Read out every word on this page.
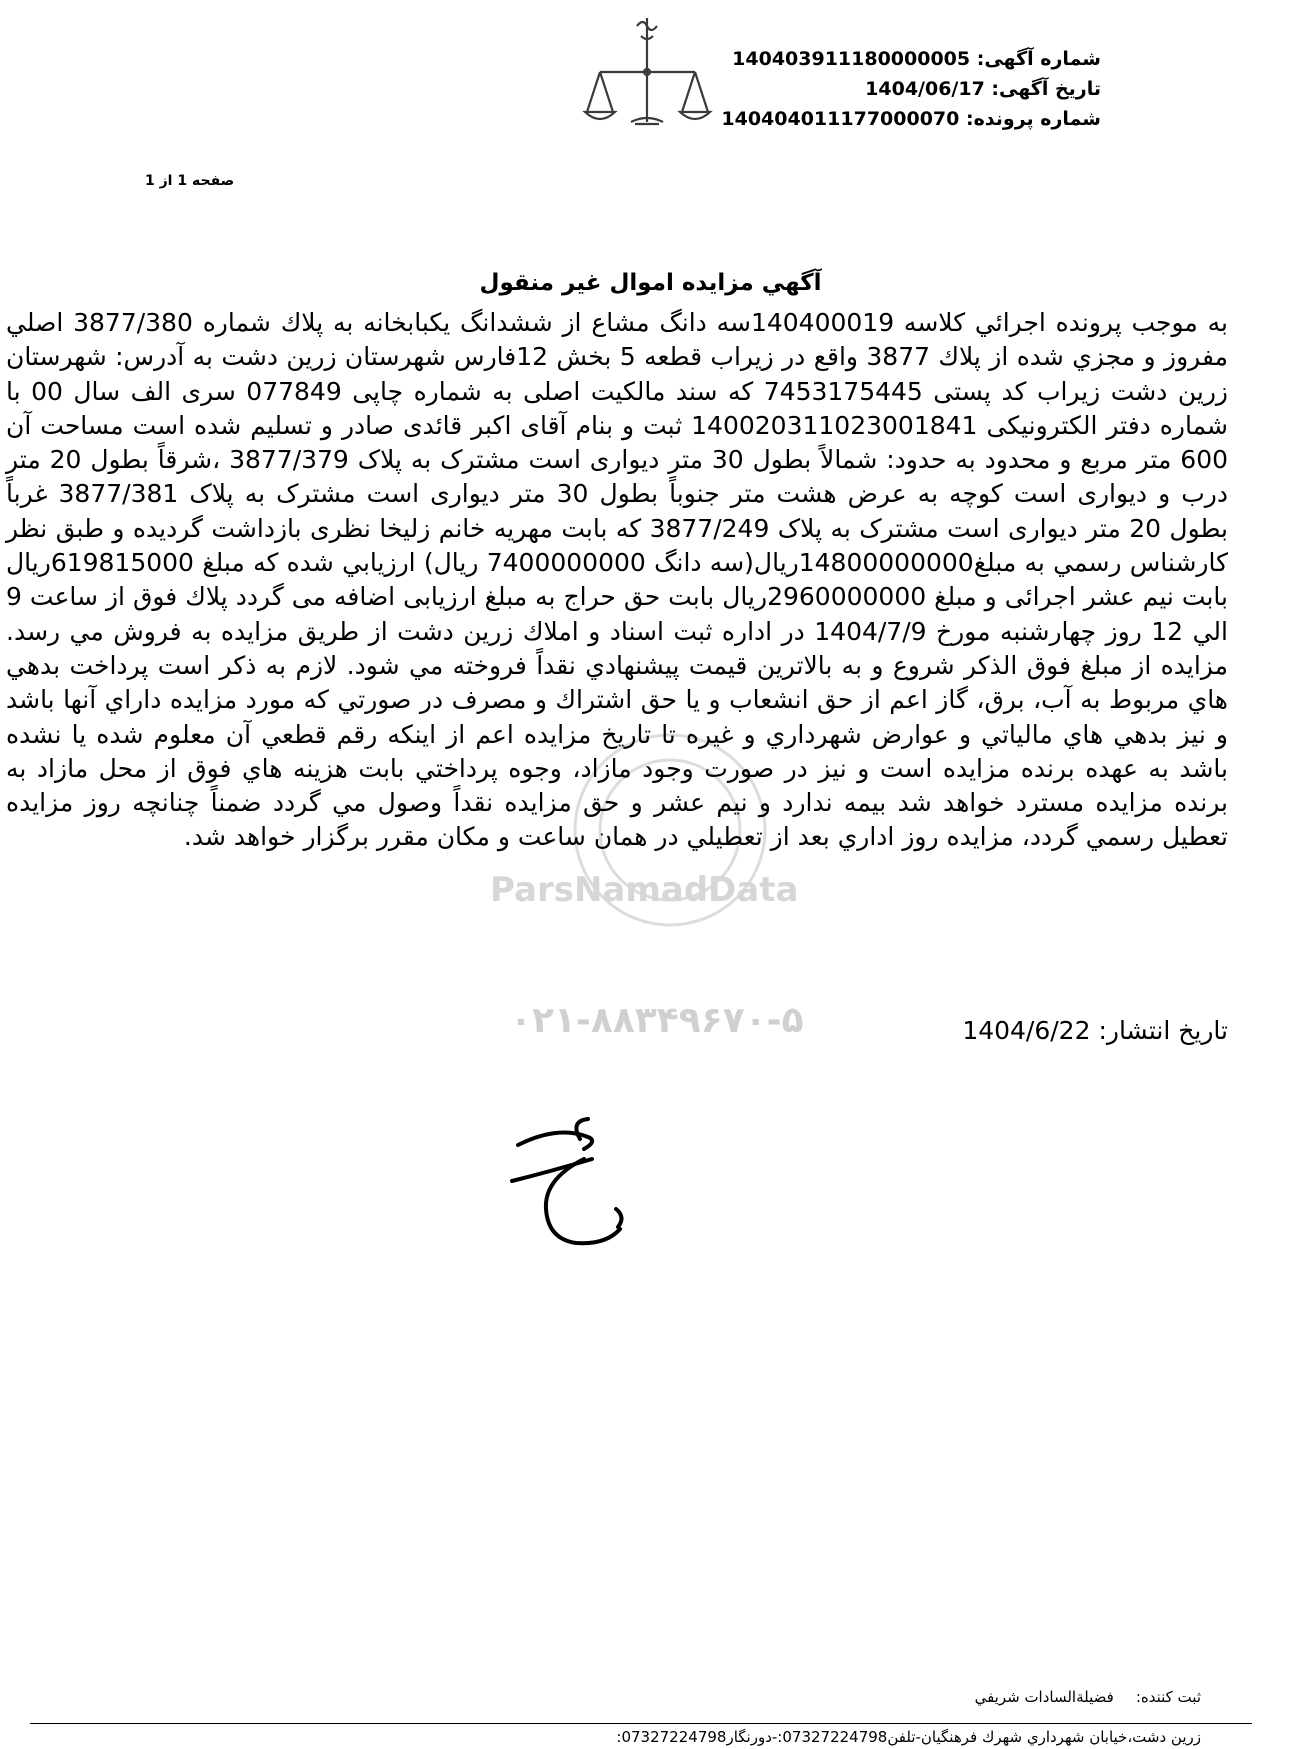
شماره آگهی: 140403911180000005
تاریخ آگهی: 1404/06/17
شماره پرونده: 140404011177000070
صفحه 1 از 1
ParsNamadData
۰۲۱-۸۸۳۴۹۶۷۰-۵
آگهي مزايده اموال غير منقول
به موجب پرونده اجرائي كلاسه 140400019سه دانگ مشاع از ششدانگ يكبابخانه به پلاك شماره 3877/380 اصلي مفروز و مجزي شده از پلاك 3877 واقع در زيراب قطعه 5 بخش 12فارس شهرستان زرين دشت به آدرس: شهرستان زرین دشت زیراب کد پستی 7453175445 که سند مالکیت اصلی به شماره چاپی 077849 سری الف سال 00 با شماره دفتر الکترونیکی 140020311023001841 ثبت و بنام آقای اکبر قائدی صادر و تسلیم شده است مساحت آن 600 متر مربع و محدود به حدود: شمالاً بطول 30 متر دیواری است مشترک به پلاک 3877/379 ،شرقاً بطول 20 متر درب و دیواری است کوچه به عرض هشت متر جنوباً بطول 30 متر دیواری است مشترک به پلاک 3877/381 غرباً بطول 20 متر دیواری است مشترک به پلاک 3877/249 که بابت مهریه خانم زلیخا نظری بازداشت گردیده و طبق نظر كارشناس رسمي به مبلغ14800000000ريال(سه دانگ 7400000000 ريال) ارزيابي شده كه مبلغ 619815000ريال بابت نیم عشر اجرائی و مبلغ 2960000000ريال بابت حق حراج به مبلغ ارزیابی اضافه می گردد پلاك فوق از ساعت 9 الي 12 روز چهارشنبه مورخ 1404/7/9 در اداره ثبت اسناد و املاك زرين دشت از طريق مزايده به فروش مي رسد. مزايده از مبلغ فوق الذكر شروع و به بالاترين قيمت پيشنهادي نقداً فروخته مي شود. لازم به ذكر است پرداخت بدهي هاي مربوط به آب، برق، گاز اعم از حق انشعاب و يا حق اشتراك و مصرف در صورتي كه مورد مزايده داراي آنها باشد و نيز بدهي هاي مالياتي و عوارض شهرداري و غيره تا تاريخ مزايده اعم از اينكه رقم قطعي آن معلوم شده يا نشده باشد به عهده برنده مزايده است و نيز در صورت وجود مازاد، وجوه پرداختي بابت هزينه هاي فوق از محل مازاد به برنده مزايده مسترد خواهد شد بيمه ندارد و نیم عشر و حق مزایده نقداً وصول مي گردد ضمناً چنانچه روز مزايده تعطيل رسمي گردد، مزايده روز اداري بعد از تعطيلي در همان ساعت و مكان مقرر برگزار خواهد شد.
تاريخ انتشار: 1404/6/22
ثبت کننده:فضیلةالسادات شریفي
زرين دشت،خيابان شهرداري شهرك فرهنگيان-تلفن07327224798:-دورنگار07327224798:
